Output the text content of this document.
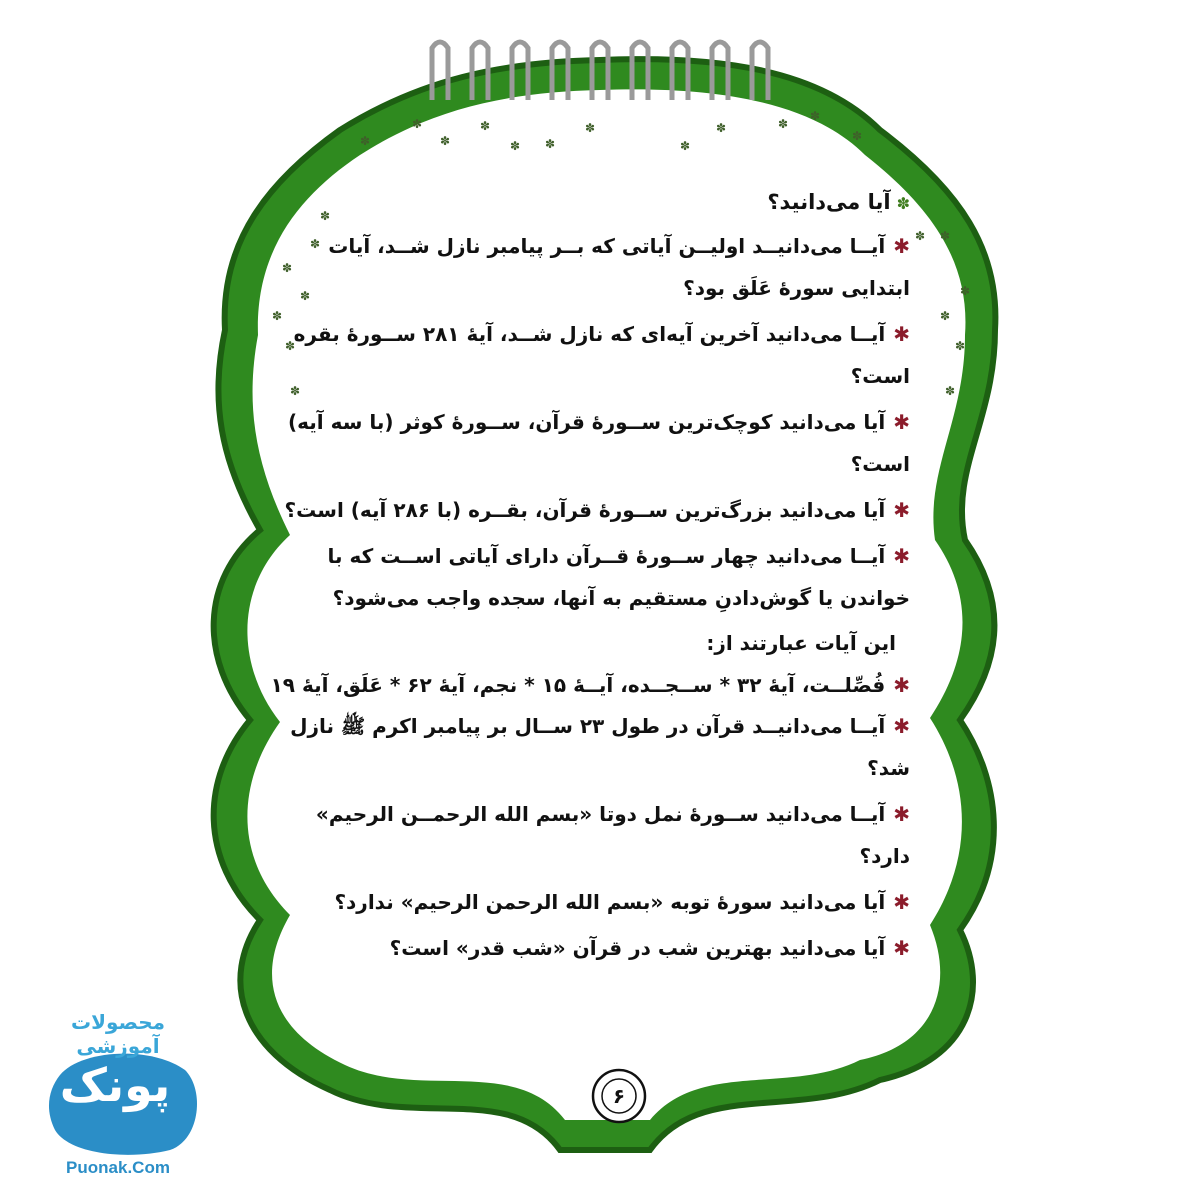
✽
✽
✽
✽
✽ ✽
✽
✽
✽	✽
✽
✽
✽
✽
✽
✽
✽
✽
✽
✽ ✽
✽
✽
✽
✽

✽آیا می‌دانید؟

✱آیــا می‌دانیــد اولیــن آیاتی که بــر پیامبر نازل شــد، آیات ابتدایی سورهٔ عَلَق بود؟

✱آیــا می‌دانید آخرین آیه‌ای که نازل شــد، آیهٔ ۲۸۱ ســورهٔ بقره است؟

✱آیا می‌دانید کوچک‌ترین ســورهٔ قرآن، ســورهٔ کوثر (با سه آیه) است؟

✱آیا می‌دانید بزرگ‌ترین ســورهٔ قرآن، بقــره (با ۲۸۶ آیه) است؟

✱آیــا می‌دانید چهار ســورهٔ قــرآن دارای آیاتی اســت که با خواندن یا گوش‌دادنِ مستقیم به آنها، سجده واجب می‌شود؟

این آیات عبارتند از:

✱فُصِّلــت، آیهٔ ۳۲ * ســجــده، آیــهٔ ۱۵ * نجم، آیهٔ ۶۲ * عَلَق، آیهٔ ۱۹

✱آیــا می‌دانیــد قرآن در طول ۲۳ ســال بر پیامبر اکرم ﷺ نازل شد؟

✱آیــا می‌دانید ســورهٔ نمل دوتا «بسم الله الرحمــن الرحیم» دارد؟

✱آیا می‌دانید سورهٔ توبه «بسم الله الرحمن الرحیم» ندارد؟

✱آیا می‌دانید بهترین شب در قرآن «شب قدر» است؟

۶
محصولات آموزشی
پونک
Puonak.Com
